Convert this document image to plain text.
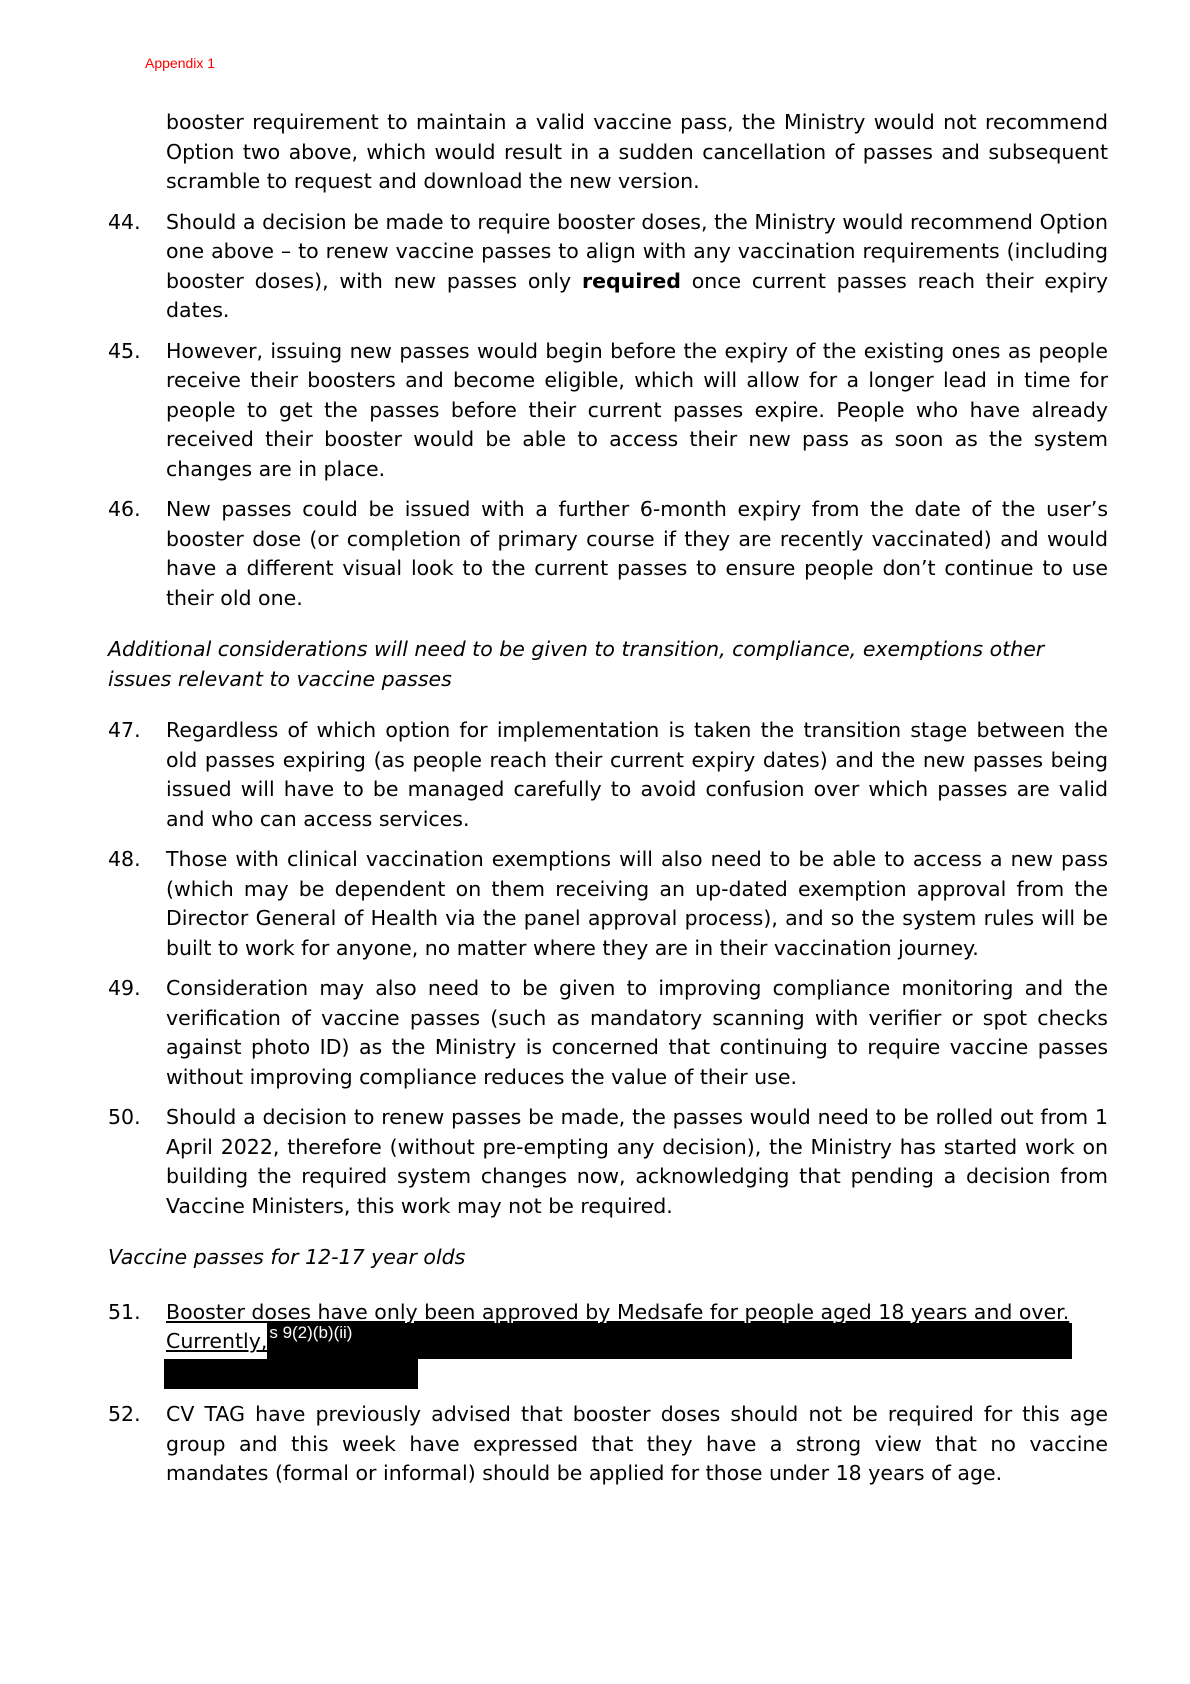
Appendix 1
booster requirement to maintain a valid vaccine pass, the Ministry would not recommend Option two above, which would result in a sudden cancellation of passes and subsequent scramble to request and download the new version.
44.	Should a decision be made to require booster doses, the Ministry would recommend Option one above – to renew vaccine passes to align with any vaccination requirements (including booster doses), with new passes only required once current passes reach their expiry dates.
45.	However, issuing new passes would begin before the expiry of the existing ones as people receive their boosters and become eligible, which will allow for a longer lead in time for people to get the passes before their current passes expire. People who have already received their booster would be able to access their new pass as soon as the system changes are in place.
46.	New passes could be issued with a further 6-month expiry from the date of the user’s booster dose (or completion of primary course if they are recently vaccinated) and would have a different visual look to the current passes to ensure people don’t continue to use their old one.
Additional considerations will need to be given to transition, compliance, exemptions other issues relevant to vaccine passes
47.	Regardless of which option for implementation is taken the transition stage between the old passes expiring (as people reach their current expiry dates) and the new passes being issued will have to be managed carefully to avoid confusion over which passes are valid and who can access services.
48.	Those with clinical vaccination exemptions will also need to be able to access a new pass (which may be dependent on them receiving an up-dated exemption approval from the Director General of Health via the panel approval process), and so the system rules will be built to work for anyone, no matter where they are in their vaccination journey.
49.	Consideration may also need to be given to improving compliance monitoring and the verification of vaccine passes (such as mandatory scanning with verifier or spot checks against photo ID) as the Ministry is concerned that continuing to require vaccine passes without improving compliance reduces the value of their use.
50.	Should a decision to renew passes be made, the passes would need to be rolled out from 1 April 2022, therefore (without pre-empting any decision), the Ministry has started work on building the required system changes now, acknowledging that pending a decision from Vaccine Ministers, this work may not be required.
Vaccine passes for 12-17 year olds
51.	Booster doses have only been approved by Medsafe for people aged 18 years and over.
Currently, s 9(2)(b)(ii)
52.	CV TAG have previously advised that booster doses should not be required for this age group and this week have expressed that they have a strong view that no vaccine mandates (formal or informal) should be applied for those under 18 years of age.
